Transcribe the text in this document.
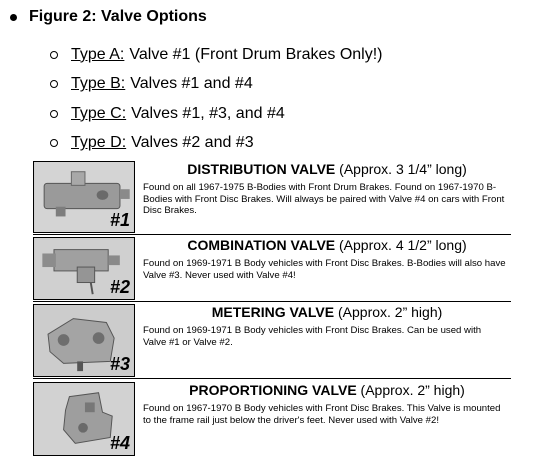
Figure 2: Valve Options
Type A: Valve #1 (Front Drum Brakes Only!)
Type B: Valves #1 and #4
Type C: Valves #1, #3, and #4
Type D: Valves #2 and #3
#1
DISTRIBUTION VALVE (Approx. 3 1/4” long)
Found on all 1967-1975 B-Bodies with Front Drum Brakes. Found on 1967-1970 B-Bodies with Front Disc Brakes. Will always be paired with Valve #4 on cars with Front Disc Brakes.
#2
COMBINATION VALVE (Approx. 4 1/2” long)
Found on 1969-1971 B Body vehicles with Front Disc Brakes. B-Bodies will also have Valve #3. Never used with Valve #4!
#3
METERING VALVE (Approx. 2” high)
Found on 1969-1971 B Body vehicles with Front Disc Brakes. Can be used with Valve #1 or Valve #2.
#4
PROPORTIONING VALVE (Approx. 2” high)
Found on 1967-1970 B Body vehicles with Front Disc Brakes. This Valve is mounted to the frame rail just below the driver's feet. Never used with Valve #2!
